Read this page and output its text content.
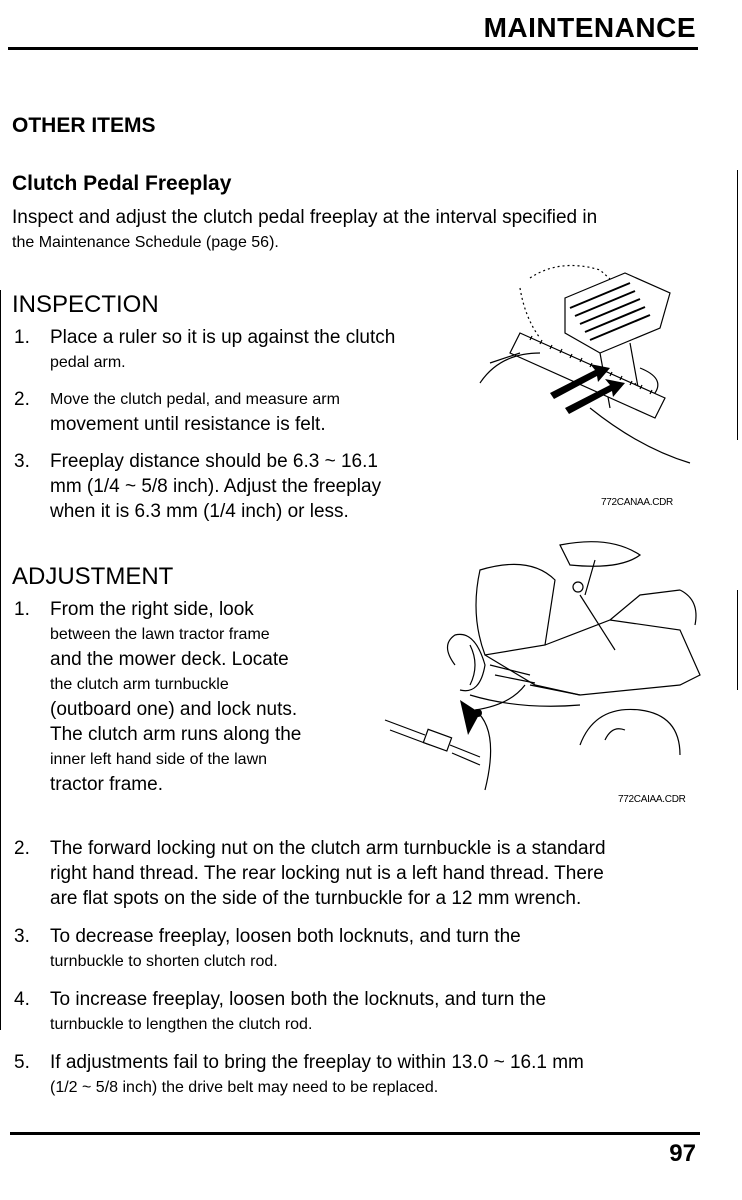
MAINTENANCE
OTHER ITEMS
Clutch Pedal Freeplay
Inspect and adjust the clutch pedal freeplay at the interval specified in
the Maintenance Schedule (page 56).
INSPECTION
1. Place a ruler so it is up against the clutch
pedal arm.
2. Move the clutch pedal, and measure arm
movement until resistance is felt.
3. Freeplay distance should be 6.3 ~ 16.1
mm (1/4 ~ 5/8 inch). Adjust the freeplay
when it is 6.3 mm (1/4 inch) or less.	772CANAA.CDR
ADJUSTMENT
1. From the right side, look
between the lawn tractor frame
and the mower deck. Locate
the clutch arm turnbuckle
(outboard one) and lock nuts.
The clutch arm runs along the
inner left hand side of the lawn
tractor frame.
772CAIAA.CDR
2. The forward locking nut on the clutch arm turnbuckle is a standard
right hand thread. The rear locking nut is a left hand thread. There
are flat spots on the side of the turnbuckle for a 12 mm wrench.
3. To decrease freeplay, loosen both locknuts, and turn the
turnbuckle to shorten clutch rod.
4. To increase freeplay, loosen both the locknuts, and turn the
turnbuckle to lengthen the clutch rod.
5. If adjustments fail to bring the freeplay to within 13.0 ~ 16.1 mm
(1/2 ~ 5/8 inch) the drive belt may need to be replaced.
97
